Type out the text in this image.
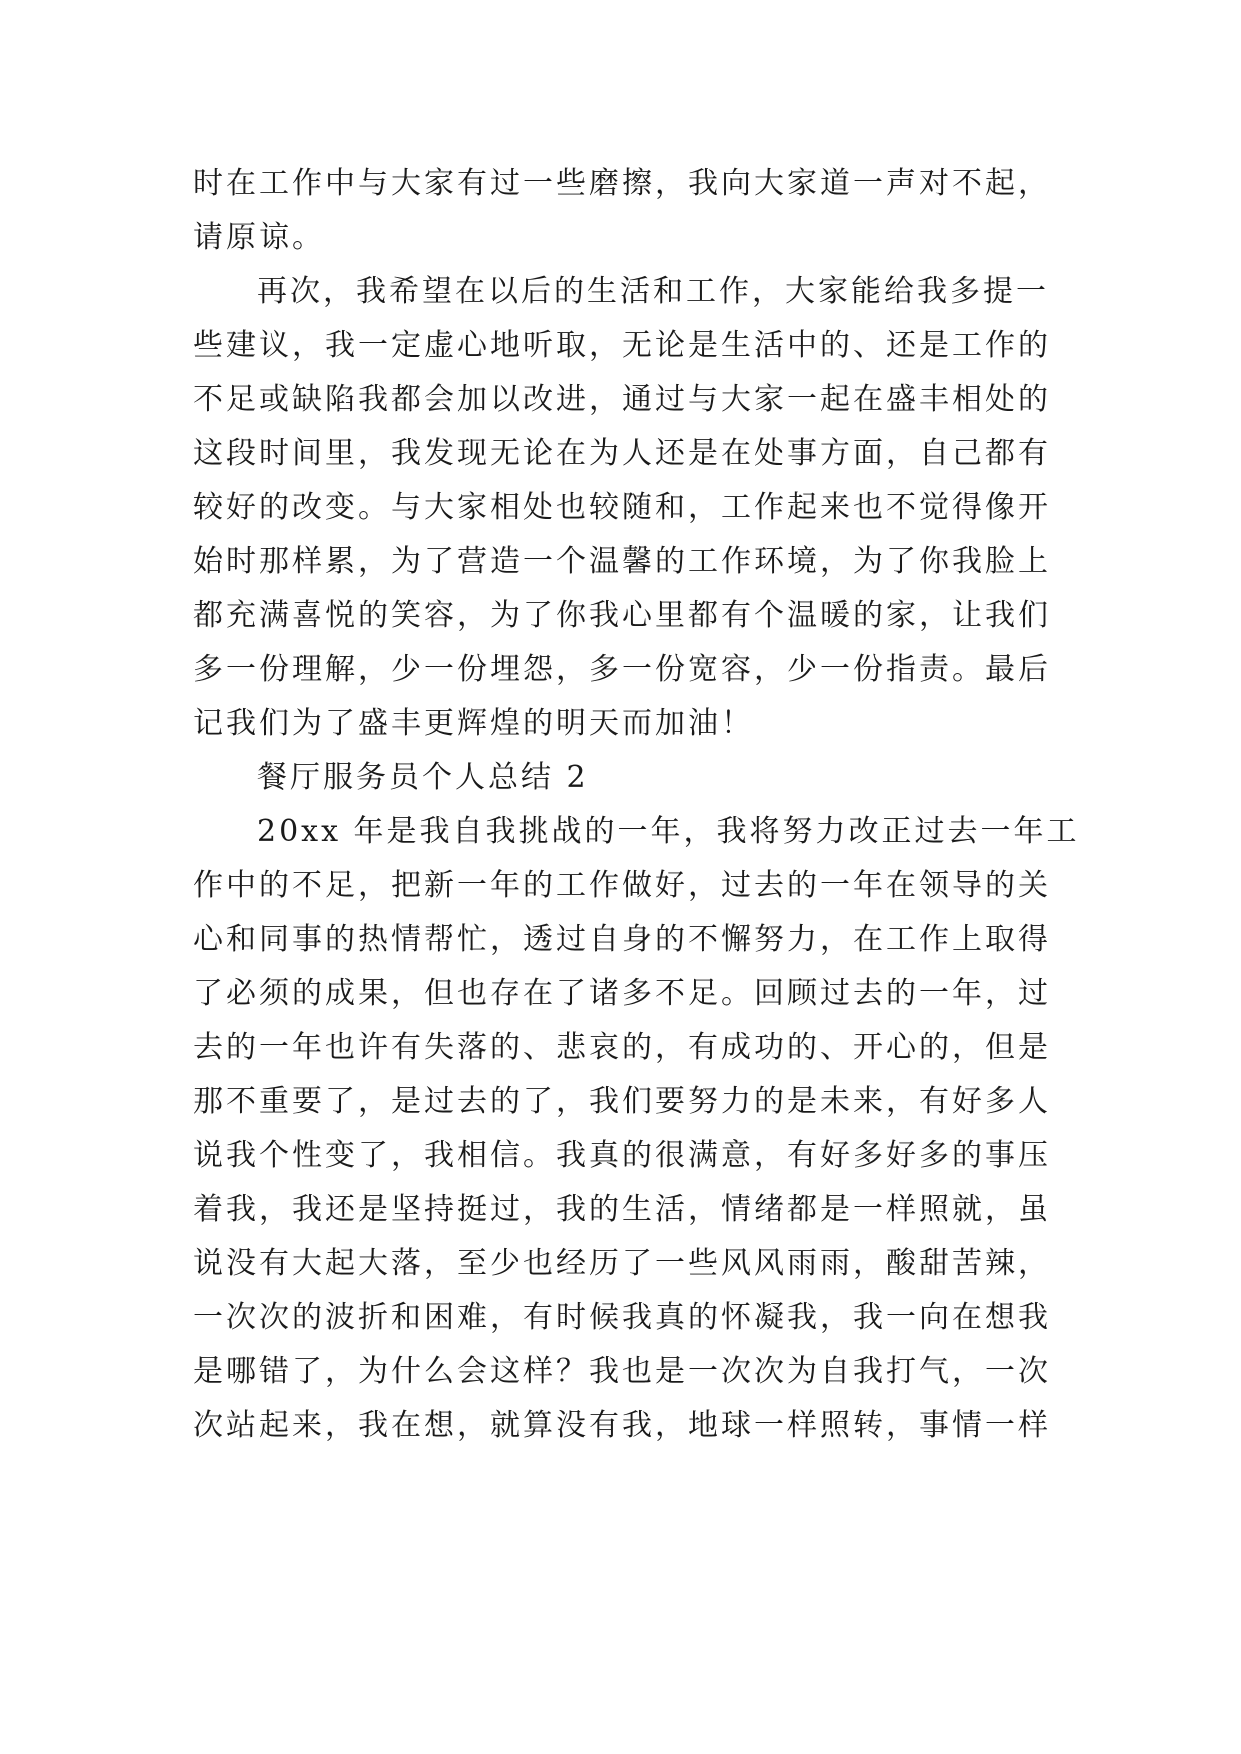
时在工作中与大家有过一些磨擦，我向大家道一声对不起，
请原谅。
再次，我希望在以后的生活和工作，大家能给我多提一
些建议，我一定虚心地听取，无论是生活中的、还是工作的
不足或缺陷我都会加以改进，通过与大家一起在盛丰相处的
这段时间里，我发现无论在为人还是在处事方面，自己都有
较好的改变。与大家相处也较随和，工作起来也不觉得像开
始时那样累，为了营造一个温馨的工作环境，为了你我脸上
都充满喜悦的笑容，为了你我心里都有个温暖的家，让我们
多一份理解，少一份埋怨，多一份宽容，少一份指责。最后
记我们为了盛丰更辉煌的明天而加油！
餐厅服务员个人总结 2
20xx 年是我自我挑战的一年，我将努力改正过去一年工
作中的不足，把新一年的工作做好，过去的一年在领导的关
心和同事的热情帮忙，透过自身的不懈努力，在工作上取得
了必须的成果，但也存在了诸多不足。回顾过去的一年，过
去的一年也许有失落的、悲哀的，有成功的、开心的，但是
那不重要了，是过去的了，我们要努力的是未来，有好多人
说我个性变了，我相信。我真的很满意，有好多好多的事压
着我，我还是坚持挺过，我的生活，情绪都是一样照就，虽
说没有大起大落，至少也经历了一些风风雨雨，酸甜苦辣，
一次次的波折和困难，有时候我真的怀凝我，我一向在想我
是哪错了，为什么会这样？我也是一次次为自我打气，一次
次站起来，我在想，就算没有我，地球一样照转，事情一样
